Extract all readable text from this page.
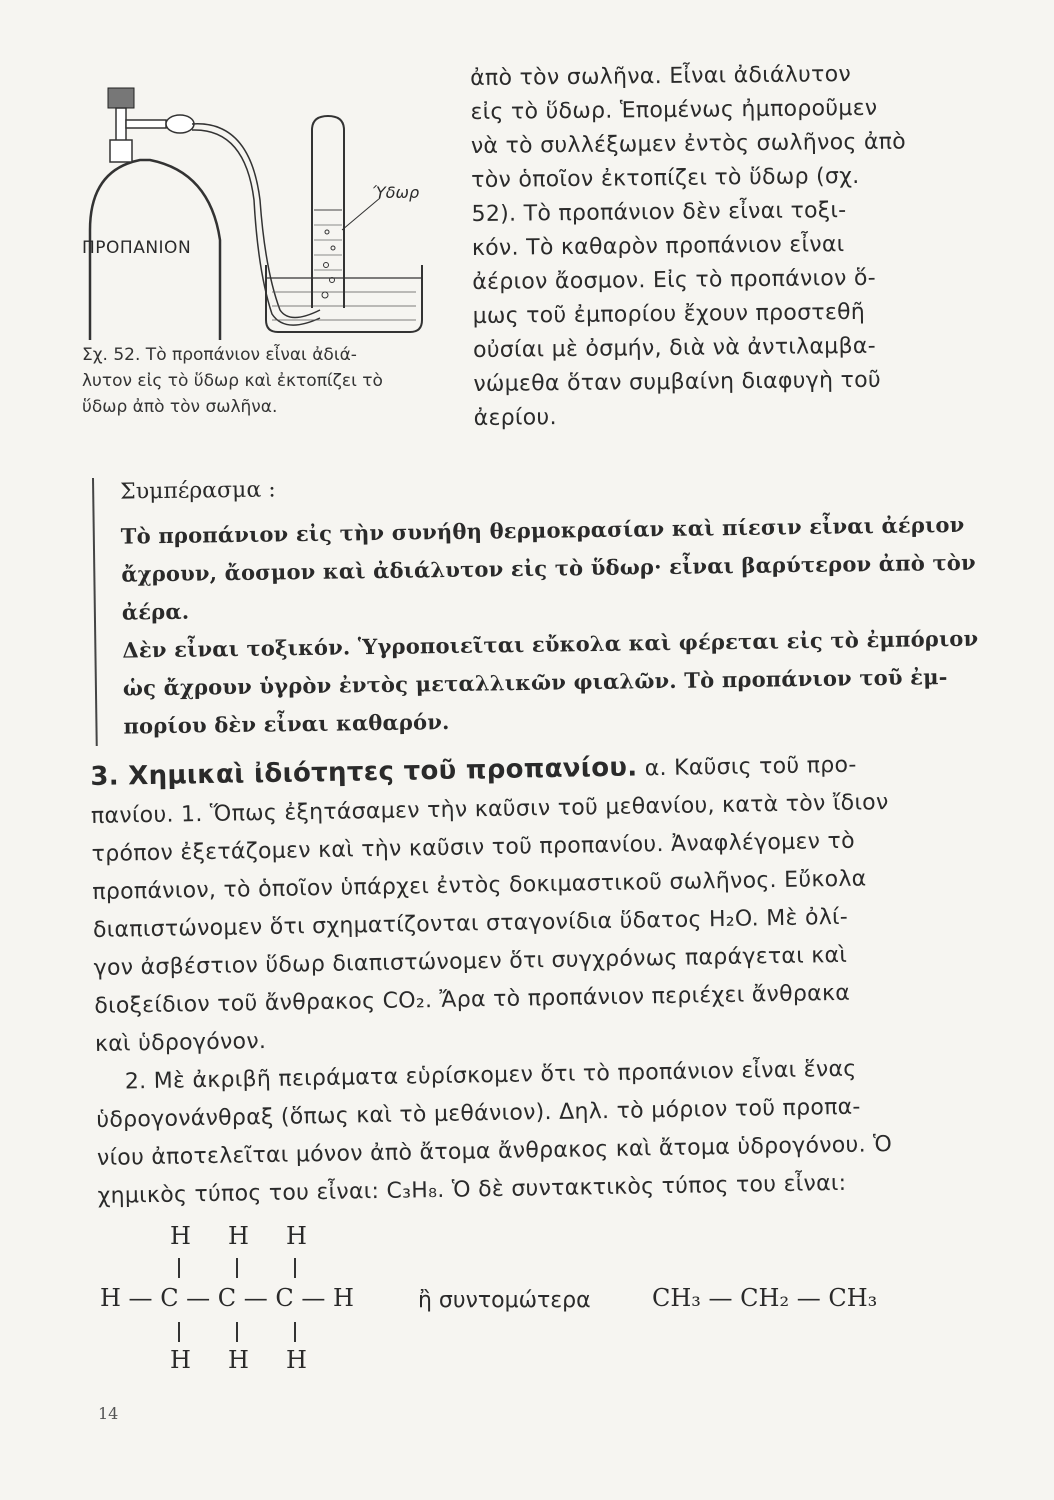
ΠΡΟΠΑΝΙΟΝ
Ύδωρ
Σχ. 52. Τὸ προπάνιον εἶναι ἀδιά-
λυτον εἰς τὸ ὕδωρ καὶ ἐκτοπίζει τὸ
ὕδωρ ἀπὸ τὸν σωλῆνα.
ἀπὸ τὸν σωλῆνα. Εἶναι ἀδιάλυτον
εἰς τὸ ὕδωρ. Ἑπομένως ἠμποροῦμεν
νὰ τὸ συλλέξωμεν ἐντὸς σωλῆνος ἀπὸ
τὸν ὁποῖον ἐκτοπίζει τὸ ὕδωρ (σχ.
52). Τὸ προπάνιον δὲν εἶναι τοξι-
κόν. Τὸ καθαρὸν προπάνιον εἶναι
ἀέριον ἄοσμον. Εἰς τὸ προπάνιον ὅ-
μως τοῦ ἐμπορίου ἔχουν προστεθῆ
οὐσίαι μὲ ὀσμήν, διὰ νὰ ἀντιλαμβα-
νώμεθα ὅταν συμβαίνη διαφυγὴ τοῦ
ἀερίου.
Συμπέρασμα :
Τὸ προπάνιον εἰς τὴν συνήθη θερμοκρασίαν καὶ πίεσιν εἶναι ἀέριον
ἄχρουν, ἄοσμον καὶ ἀδιάλυτον εἰς τὸ ὕδωρ· εἶναι βαρύτερον ἀπὸ τὸν
ἀέρα.
Δὲν εἶναι τοξικόν. Ὑγροποιεῖται εὔκολα καὶ φέρεται εἰς τὸ ἐμπόριον
ὡς ἄχρουν ὑγρὸν ἐντὸς μεταλλικῶν φιαλῶν. Τὸ προπάνιον τοῦ ἐμ-
πορίου δὲν εἶναι καθαρόν.
3. Χημικαὶ ἰδιότητες τοῦ προπανίου. α. Καῦσις τοῦ προ-
πανίου. 1. Ὅπως ἐξητάσαμεν τὴν καῦσιν τοῦ μεθανίου, κατὰ τὸν ἴδιον
τρόπον ἐξετάζομεν καὶ τὴν καῦσιν τοῦ προπανίου. Ἀναφλέγομεν τὸ
προπάνιον, τὸ ὁποῖον ὑπάρχει ἐντὸς δοκιμαστικοῦ σωλῆνος. Εὔκολα
διαπιστώνομεν ὅτι σχηματίζονται σταγονίδια ὕδατος H₂O. Μὲ ὀλί-
γον ἀσβέστιον ὕδωρ διαπιστώνομεν ὅτι συγχρόνως παράγεται καὶ
διοξείδιον τοῦ ἄνθρακος CO₂. Ἄρα τὸ προπάνιον περιέχει ἄνθρακα
καὶ ὑδρογόνον.
2. Μὲ ἀκριβῆ πειράματα εὑρίσκομεν ὅτι τὸ προπάνιον εἶναι ἕνας
ὑδρογονάνθραξ (ὅπως καὶ τὸ μεθάνιον). Δηλ. τὸ μόριον τοῦ προπα-
νίου ἀποτελεῖται μόνον ἀπὸ ἄτομα ἄνθρακος καὶ ἄτομα ὑδρογόνου. Ὁ
χημικὸς τύπος του εἶναι: C₃H₈. Ὁ δὲ συντακτικὸς τύπος του εἶναι:
H H H
H — C — C — C — H
H H H
ἢ συντομώτερα	CH₃ — CH₂ — CH₃
14
